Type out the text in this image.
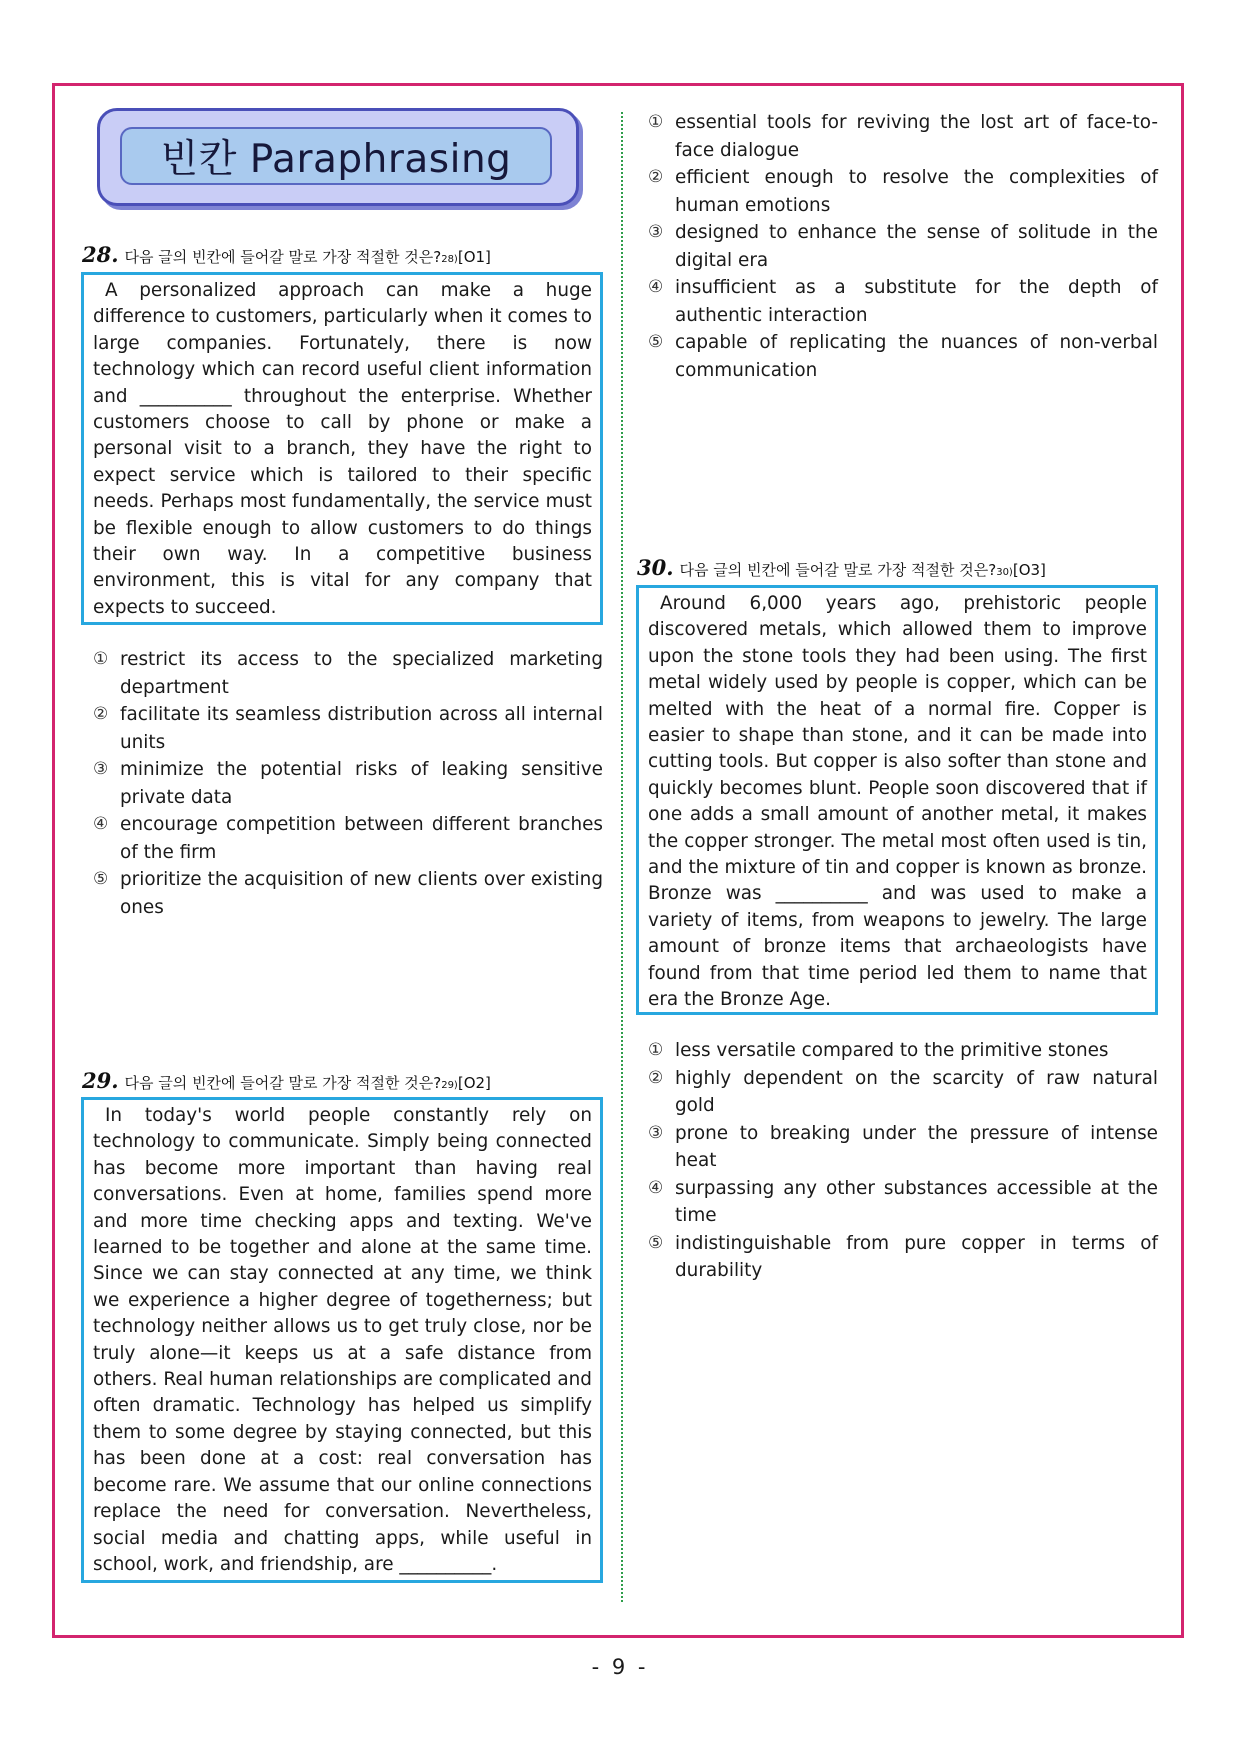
빈칸 Paraphrasing
28. 다음 글의 빈칸에 들어갈 말로 가장 적절한 것은? 28) [O1]

A personalized approach can make a huge difference to customers, particularly when it comes to large companies. Fortunately, there is now technology which can record useful client information and __________ throughout the enterprise. Whether customers choose to call by phone or make a personal visit to a branch, they have the right to expect service which is tailored to their specific needs. Perhaps most fundamentally, the service must be flexible enough to allow customers to do things their own way. In a competitive business environment, this is vital for any company that expects to succeed.

① restrict its access to the specialized marketing department
② facilitate its seamless distribution across all internal units
③ minimize the potential risks of leaking sensitive private data
④ encourage competition between different branches of the firm
⑤ prioritize the acquisition of new clients over existing ones
29. 다음 글의 빈칸에 들어갈 말로 가장 적절한 것은? 29) [O2]

In today's world people constantly rely on technology to communicate. Simply being connected has become more important than having real conversations. Even at home, families spend more and more time checking apps and texting. We've learned to be together and alone at the same time. Since we can stay connected at any time, we think we experience a higher degree of togetherness; but technology neither allows us to get truly close, nor be truly alone—it keeps us at a safe distance from others. Real human relationships are complicated and often dramatic. Technology has helped us simplify them to some degree by staying connected, but this has been done at a cost: real conversation has become rare. We assume that our online connections replace the need for conversation. Nevertheless, social media and chatting apps, while useful in school, work, and friendship, are __________.

① essential tools for reviving the lost art of face-to-face dialogue
② efficient enough to resolve the complexities of human emotions
③ designed to enhance the sense of solitude in the digital era
④ insufficient as a substitute for the depth of authentic interaction
⑤ capable of replicating the nuances of non-verbal communication
30. 다음 글의 빈칸에 들어갈 말로 가장 적절한 것은? 30) [O3]

Around 6,000 years ago, prehistoric people discovered metals, which allowed them to improve upon the stone tools they had been using. The first metal widely used by people is copper, which can be melted with the heat of a normal fire. Copper is easier to shape than stone, and it can be made into cutting tools. But copper is also softer than stone and quickly becomes blunt. People soon discovered that if one adds a small amount of another metal, it makes the copper stronger. The metal most often used is tin, and the mixture of tin and copper is known as bronze. Bronze was __________ and was used to make a variety of items, from weapons to jewelry. The large amount of bronze items that archaeologists have found from that time period led them to name that era the Bronze Age.

① less versatile compared to the primitive stones
② highly dependent on the scarcity of raw natural gold
③ prone to breaking under the pressure of intense heat
④ surpassing any other substances accessible at the time
⑤ indistinguishable from pure copper in terms of durability
- 9 -
